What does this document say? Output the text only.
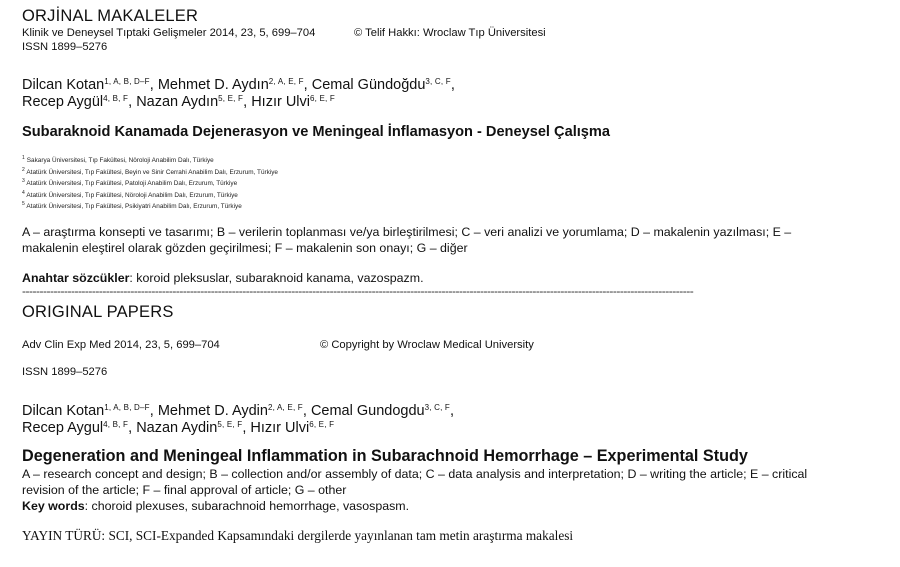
ORJİNAL MAKALELER
Klinik ve Deneysel Tıptaki Gelişmeler 2014, 23, 5, 699–704	© Telif Hakkı: Wroclaw Tıp Üniversitesi
ISSN 1899–5276
Dilcan Kotan$^{1, A, B, D-F}$, Mehmet D. Aydın$^{2, A, E, F}$, Cemal Gündoğdu$^{3, C, F}$,
Recep Aygül$^{4, B, F}$, Nazan Aydın$^{5, E, F}$, Hızır Ulvi$^{6, E, F}$
Subaraknoid Kanamada Dejenerasyon ve Meningeal İnflamasyon - Deneysel Çalışma
$^1$ Sakarya Üniversitesi, Tıp Fakültesi, Nöroloji Anabilim Dalı, Türkiye
$^2$ Atatürk Üniversitesi, Tıp Fakültesi, Beyin ve Sinir Cerrahi Anabilim Dalı, Erzurum, Türkiye
$^3$ Atatürk Üniversitesi, Tıp Fakültesi, Patoloji Anabilim Dalı, Erzurum, Türkiye
$^4$ Atatürk Üniversitesi, Tıp Fakültesi, Nöroloji Anabilim Dalı, Erzurum, Türkiye
$^5$ Atatürk Üniversitesi, Tıp Fakültesi, Psikiyatri Anabilim Dalı, Erzurum, Türkiye
A – araştırma konsepti ve tasarımı; B – verilerin toplanması ve/ya birleştirilmesi; C – veri analizi ve yorumlama; D – makalenin yazılması; E –
makalenin eleştirel olarak gözden geçirilmesi; F – makalenin son onayı; G – diğer
Anahtar sözcükler: koroid pleksuslar, subaraknoid kanama, vazospazm.
------------------------------------------------------------------------------------------------------------------------------------------------------------------------------------------------
ORIGINAL PAPERS
Adv Clin Exp Med 2014, 23, 5, 699–704	© Copyright by Wroclaw Medical University
ISSN 1899–5276
Dilcan Kotan$^{1, A, B, D-F}$, Mehmet D. Aydin$^{2, A, E, F}$, Cemal Gundogdu$^{3, C, F}$,
Recep Aygul$^{4, B, F}$, Nazan Aydin$^{5, E, F}$, Hızır Ulvi$^{6, E, F}$
Degeneration and Meningeal Inflammation in Subarachnoid Hemorrhage – Experimental Study
A – research concept and design; B – collection and/or assembly of data; C – data analysis and interpretation; D – writing the article; E – critical
revision of the article; F – final approval of article; G – other
Key words: choroid plexuses, subarachnoid hemorrhage, vasospasm.
YAYIN TÜRÜ: SCI, SCI-Expanded Kapsamındaki dergilerde yayınlanan tam metin araştırma makalesi
